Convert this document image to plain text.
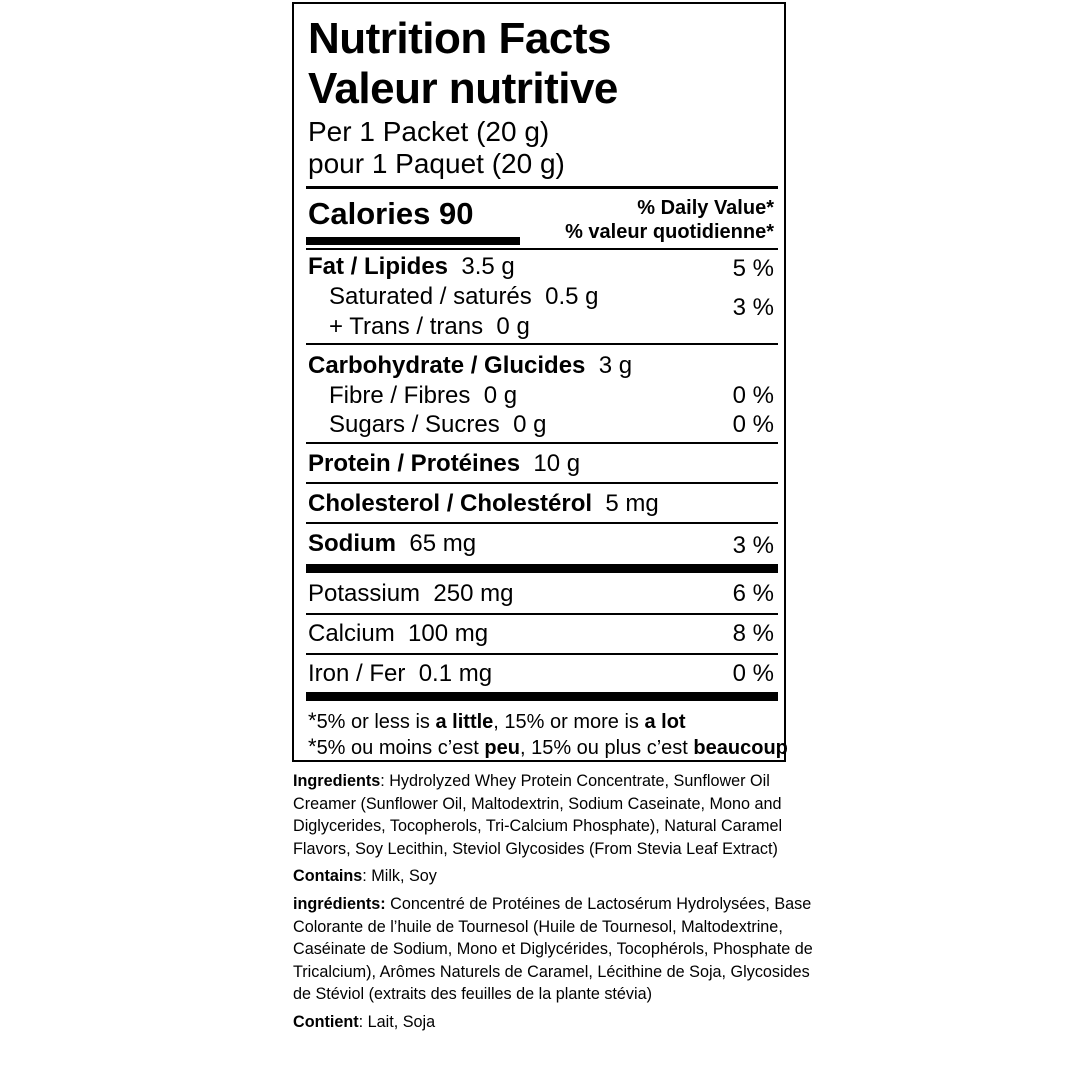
Nutrition Facts
Valeur nutritive
Per 1 Packet (20 g)
pour 1 Paquet (20 g)
Calories 90	% Daily Value*
% valeur quotidienne*
Fat / Lipides 3.5 g	5 %
Saturated / saturés 0.5 g	3 %
+ Trans / trans 0 g
Carbohydrate / Glucides 3 g
Fibre / Fibres 0 g	0 %
Sugars / Sucres 0 g	0 %
Protein / Protéines 10 g
Cholesterol / Cholestérol 5 mg
Sodium 65 mg	3 %
Potassium 250 mg	6 %
Calcium 100 mg	8 %
Iron / Fer 0.1 mg	0 %
*5% or less is a little, 15% or more is a lot
*5% ou moins c’est peu, 15% ou plus c’est beaucoup

Ingredients: Hydrolyzed Whey Protein Concentrate, Sunflower Oil Creamer (Sunflower Oil, Maltodextrin, Sodium Caseinate, Mono and Diglycerides, Tocopherols, Tri-Calcium Phosphate), Natural Caramel Flavors, Soy Lecithin, Steviol Glycosides (From Stevia Leaf Extract)

Contains: Milk, Soy

ingrédients: Concentré de Protéines de Lactosérum Hydrolysées, Base Colorante de l’huile de Tournesol (Huile de Tournesol, Maltodextrine, Caséinate de Sodium, Mono et Diglycérides, Tocophérols, Phosphate de Tricalcium), Arômes Naturels de Caramel, Lécithine de Soja, Glycosides de Stéviol (extraits des feuilles de la plante stévia)

Contient: Lait, Soja
